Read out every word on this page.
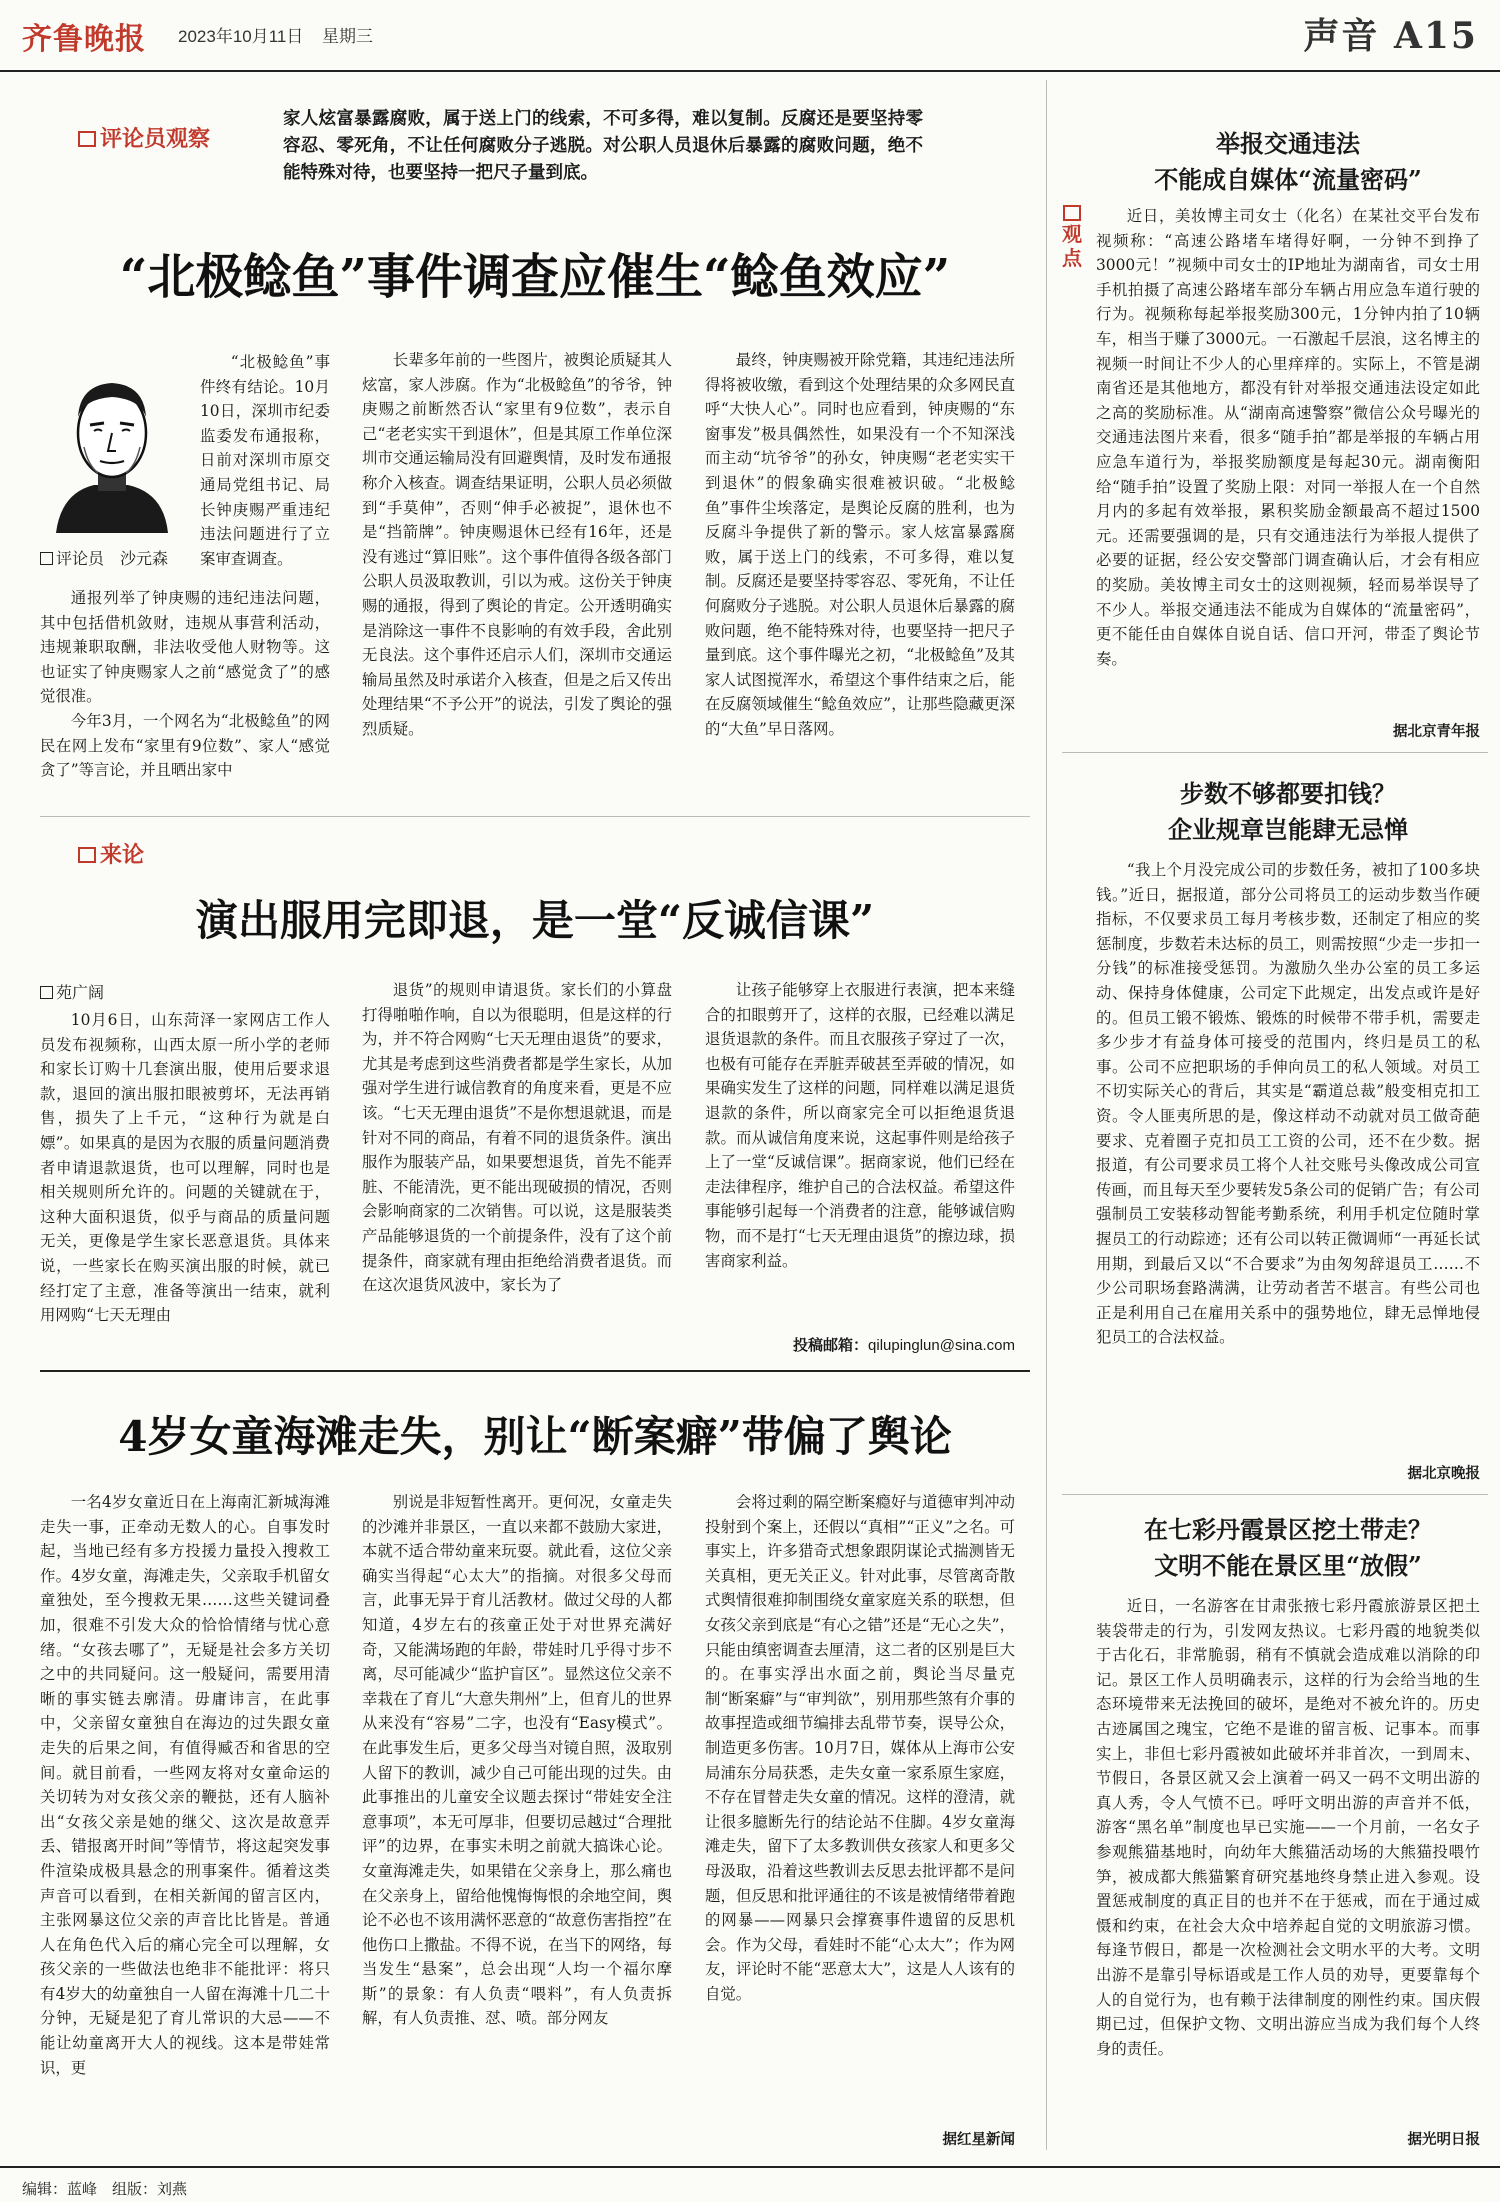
齐鲁晚报 2023年10月11日 星期三	声音 A15
评论员观察
家人炫富暴露腐败，属于送上门的线索，不可多得，难以复制。反腐还是要坚持零容忍、零死角，不让任何腐败分子逃脱。对公职人员退休后暴露的腐败问题，绝不能特殊对待，也要坚持一把尺子量到底。
“北极鲶鱼”事件调查应催生“鲶鱼效应”
评论员　沙元森

“北极鲶鱼”事件终有结论。10月10日，深圳市纪委监委发布通报称，日前对深圳市原交通局党组书记、局长钟庚赐严重违纪违法问题进行了立案审查调查。

通报列举了钟庚赐的违纪违法问题，其中包括借机敛财，违规从事营利活动，违规兼职取酬，非法收受他人财物等。这也证实了钟庚赐家人之前“感觉贪了”的感觉很准。

今年3月，一个网名为“北极鲶鱼”的网民在网上发布“家里有9位数”、家人“感觉贪了”等言论，并且晒出家中

长辈多年前的一些图片，被舆论质疑其人炫富，家人涉腐。作为“北极鲶鱼”的爷爷，钟庚赐之前断然否认“家里有9位数”，表示自己“老老实实干到退休”，但是其原工作单位深圳市交通运输局没有回避舆情，及时发布通报称介入核查。调查结果证明，公职人员必须做到“手莫伸”，否则“伸手必被捉”，退休也不是“挡箭牌”。钟庚赐退休已经有16年，还是没有逃过“算旧账”。这个事件值得各级各部门公职人员汲取教训，引以为戒。这份关于钟庚赐的通报，得到了舆论的肯定。公开透明确实是消除这一事件不良影响的有效手段，舍此别无良法。这个事件还启示人们，深圳市交通运输局虽然及时承诺介入核查，但是之后又传出处理结果“不予公开”的说法，引发了舆论的强烈质疑。

最终，钟庚赐被开除党籍，其违纪违法所得将被收缴，看到这个处理结果的众多网民直呼“大快人心”。同时也应看到，钟庚赐的“东窗事发”极具偶然性，如果没有一个不知深浅而主动“坑爷爷”的孙女，钟庚赐“老老实实干到退休”的假象确实很难被识破。“北极鲶鱼”事件尘埃落定，是舆论反腐的胜利，也为反腐斗争提供了新的警示。家人炫富暴露腐败，属于送上门的线索，不可多得，难以复制。反腐还是要坚持零容忍、零死角，不让任何腐败分子逃脱。对公职人员退休后暴露的腐败问题，绝不能特殊对待，也要坚持一把尺子量到底。这个事件曝光之初，“北极鲶鱼”及其家人试图搅浑水，希望这个事件结束之后，能在反腐领域催生“鲶鱼效应”，让那些隐藏更深的“大鱼”早日落网。

来论
演出服用完即退，是一堂“反诚信课”
苑广阔

10月6日，山东菏泽一家网店工作人员发布视频称，山西太原一所小学的老师和家长订购十几套演出服，使用后要求退款，退回的演出服扣眼被剪坏，无法再销售，损失了上千元，“这种行为就是白嫖”。如果真的是因为衣服的质量问题消费者申请退款退货，也可以理解，同时也是相关规则所允许的。问题的关键就在于，这种大面积退货，似乎与商品的质量问题无关，更像是学生家长恶意退货。具体来说，一些家长在购买演出服的时候，就已经打定了主意，准备等演出一结束，就利用网购“七天无理由

退货”的规则申请退货。家长们的小算盘打得啪啪作响，自以为很聪明，但是这样的行为，并不符合网购“七天无理由退货”的要求，尤其是考虑到这些消费者都是学生家长，从加强对学生进行诚信教育的角度来看，更是不应该。“七天无理由退货”不是你想退就退，而是针对不同的商品，有着不同的退货条件。演出服作为服装产品，如果要想退货，首先不能弄脏、不能清洗，更不能出现破损的情况，否则会影响商家的二次销售。可以说，这是服装类产品能够退货的一个前提条件，没有了这个前提条件，商家就有理由拒绝给消费者退货。而在这次退货风波中，家长为了

让孩子能够穿上衣服进行表演，把本来缝合的扣眼剪开了，这样的衣服，已经难以满足退货退款的条件。而且衣服孩子穿过了一次，也极有可能存在弄脏弄破甚至弄破的情况，如果确实发生了这样的问题，同样难以满足退货退款的条件，所以商家完全可以拒绝退货退款。而从诚信角度来说，这起事件则是给孩子上了一堂“反诚信课”。据商家说，他们已经在走法律程序，维护自己的合法权益。希望这件事能够引起每一个消费者的注意，能够诚信购物，而不是打“七天无理由退货”的擦边球，损害商家利益。

投稿邮箱：qilupinglun@sina.com
4岁女童海滩走失，别让“断案癖”带偏了舆论

一名4岁女童近日在上海南汇新城海滩走失一事，正牵动无数人的心。自事发时起，当地已经有多方投援力量投入搜救工作。4岁女童，海滩走失，父亲取手机留女童独处，至今搜救无果……这些关键词叠加，很难不引发大众的恰恰情绪与忧心意绪。“女孩去哪了”，无疑是社会多方关切之中的共同疑问。这一般疑问，需要用清晰的事实链去廓清。毋庸讳言，在此事中，父亲留女童独自在海边的过失跟女童走失的后果之间，有值得臧否和省思的空间。就目前看，一些网友将对女童命运的关切转为对女孩父亲的鞭挞，还有人脑补出“女孩父亲是她的继父、这次是故意弄丢、错报离开时间”等情节，将这起突发事件渲染成极具悬念的刑事案件。循着这类声音可以看到，在相关新闻的留言区内，主张网暴这位父亲的声音比比皆是。普通人在角色代入后的痛心完全可以理解，女孩父亲的一些做法也绝非不能批评：将只有4岁大的幼童独自一人留在海滩十几二十分钟，无疑是犯了育儿常识的大忌——不能让幼童离开大人的视线。这本是带娃常识，更

别说是非短暂性离开。更何况，女童走失的沙滩并非景区，一直以来都不鼓励大家进，本就不适合带幼童来玩耍。就此看，这位父亲确实当得起“心太大”的指摘。对很多父母而言，此事无异于育儿活教材。做过父母的人都知道，4岁左右的孩童正处于对世界充满好奇，又能满场跑的年龄，带娃时几乎得寸步不离，尽可能减少“监护盲区”。显然这位父亲不幸栽在了育儿“大意失荆州”上，但育儿的世界从来没有“容易”二字，也没有“Easy模式”。在此事发生后，更多父母当对镜自照，汲取别人留下的教训，减少自己可能出现的过失。由此事推出的儿童安全议题去探讨“带娃安全注意事项”，本无可厚非，但要切忌越过“合理批评”的边界，在事实未明之前就大搞诛心论。女童海滩走失，如果错在父亲身上，那么痛也在父亲身上，留给他愧悔悔恨的余地空间，舆论不必也不该用满怀恶意的“故意伤害指控”在他伤口上撒盐。不得不说，在当下的网络，每当发生“悬案”，总会出现“人均一个福尔摩斯”的景象：有人负责“喂料”，有人负责拆解，有人负责推、怼、喷。部分网友

会将过剩的隔空断案瘾好与道德审判冲动投射到个案上，还假以“真相”“正义”之名。可事实上，许多猎奇式想象跟阴谋论式揣测皆无关真相，更无关正义。针对此事，尽管离奇散式舆情很难抑制围绕女童家庭关系的联想，但女孩父亲到底是“有心之错”还是“无心之失”，只能由缜密调查去厘清，这二者的区别是巨大的。在事实浮出水面之前，舆论当尽量克制“断案癖”与“审判欲”，别用那些煞有介事的故事捏造或细节编排去乱带节奏，误导公众，制造更多伤害。10月7日，媒体从上海市公安局浦东分局获悉，走失女童一家系原生家庭，不存在冒替走失女童的情况。这样的澄清，就让很多臆断先行的结论站不住脚。4岁女童海滩走失，留下了太多教训供女孩家人和更多父母汲取，沿着这些教训去反思去批评都不是问题，但反思和批评通往的不该是被情绪带着跑的网暴——网暴只会撑赛事件遗留的反思机会。作为父母，看娃时不能“心太大”；作为网友，评论时不能“恶意太大”，这是人人该有的自觉。

据红星新闻
观点
举报交通违法
不能成自媒体“流量密码”

近日，美妆博主司女士（化名）在某社交平台发布视频称：“高速公路堵车堵得好啊，一分钟不到挣了3000元！”视频中司女士的IP地址为湖南省，司女士用手机拍摄了高速公路堵车部分车辆占用应急车道行驶的行为。视频称每起举报奖励300元，1分钟内拍了10辆车，相当于赚了3000元。一石激起千层浪，这名博主的视频一时间让不少人的心里痒痒的。实际上，不管是湖南省还是其他地方，都没有针对举报交通违法设定如此之高的奖励标准。从“湖南高速警察”微信公众号曝光的交通违法图片来看，很多“随手拍”都是举报的车辆占用应急车道行为，举报奖励额度是每起30元。湖南衡阳给“随手拍”设置了奖励上限：对同一举报人在一个自然月内的多起有效举报，累积奖励金额最高不超过1500元。还需要强调的是，只有交通违法行为举报人提供了必要的证据，经公安交警部门调查确认后，才会有相应的奖励。美妆博主司女士的这则视频，轻而易举误导了不少人。举报交通违法不能成为自媒体的“流量密码”，更不能任由自媒体自说自话、信口开河，带歪了舆论节奏。

据北京青年报
步数不够都要扣钱？
企业规章岂能肆无忌惮

“我上个月没完成公司的步数任务，被扣了100多块钱。”近日，据报道，部分公司将员工的运动步数当作硬指标，不仅要求员工每月考核步数，还制定了相应的奖惩制度，步数若未达标的员工，则需按照“少走一步扣一分钱”的标准接受惩罚。为激励久坐办公室的员工多运动、保持身体健康，公司定下此规定，出发点或许是好的。但员工锻不锻炼、锻炼的时候带不带手机，需要走多少步才有益身体可接受的范围内，终归是员工的私事。公司不应把职场的手伸向员工的私人领域。对员工不切实际关心的背后，其实是“霸道总裁”般变相克扣工资。令人匪夷所思的是，像这样动不动就对员工做奇葩要求、克着圈子克扣员工工资的公司，还不在少数。据报道，有公司要求员工将个人社交账号头像改成公司宣传画，而且每天至少要转发5条公司的促销广告；有公司强制员工安装移动智能考勤系统，利用手机定位随时掌握员工的行动踪迹；还有公司以转正微调师“一再延长试用期，到最后又以“不合要求”为由匆匆辞退员工……不少公司职场套路满满，让劳动者苦不堪言。有些公司也正是利用自己在雇用关系中的强势地位，肆无忌惮地侵犯员工的合法权益。

据北京晚报
在七彩丹霞景区挖土带走？
文明不能在景区里“放假”

近日，一名游客在甘肃张掖七彩丹霞旅游景区把土装袋带走的行为，引发网友热议。七彩丹霞的地貌类似于古化石，非常脆弱，稍有不慎就会造成难以消除的印记。景区工作人员明确表示，这样的行为会给当地的生态环境带来无法挽回的破坏，是绝对不被允许的。历史古迹属国之瑰宝，它绝不是谁的留言板、记事本。而事实上，非但七彩丹霞被如此破坏并非首次，一到周末、节假日，各景区就又会上演着一码又一码不文明出游的真人秀，令人气愤不已。呼吁文明出游的声音并不低，游客“黑名单”制度也早已实施——一个月前，一名女子参观熊猫基地时，向幼年大熊猫活动场的大熊猫投喂竹笋，被成都大熊猫繁育研究基地终身禁止进入参观。设置惩戒制度的真正目的也并不在于惩戒，而在于通过威慑和约束，在社会大众中培养起自觉的文明旅游习惯。每逢节假日，都是一次检测社会文明水平的大考。文明出游不是靠引导标语或是工作人员的劝导，更要靠每个人的自觉行为，也有赖于法律制度的刚性约束。国庆假期已过，但保护文物、文明出游应当成为我们每个人终身的责任。

据光明日报
编辑：蓝峰　组版：刘燕
